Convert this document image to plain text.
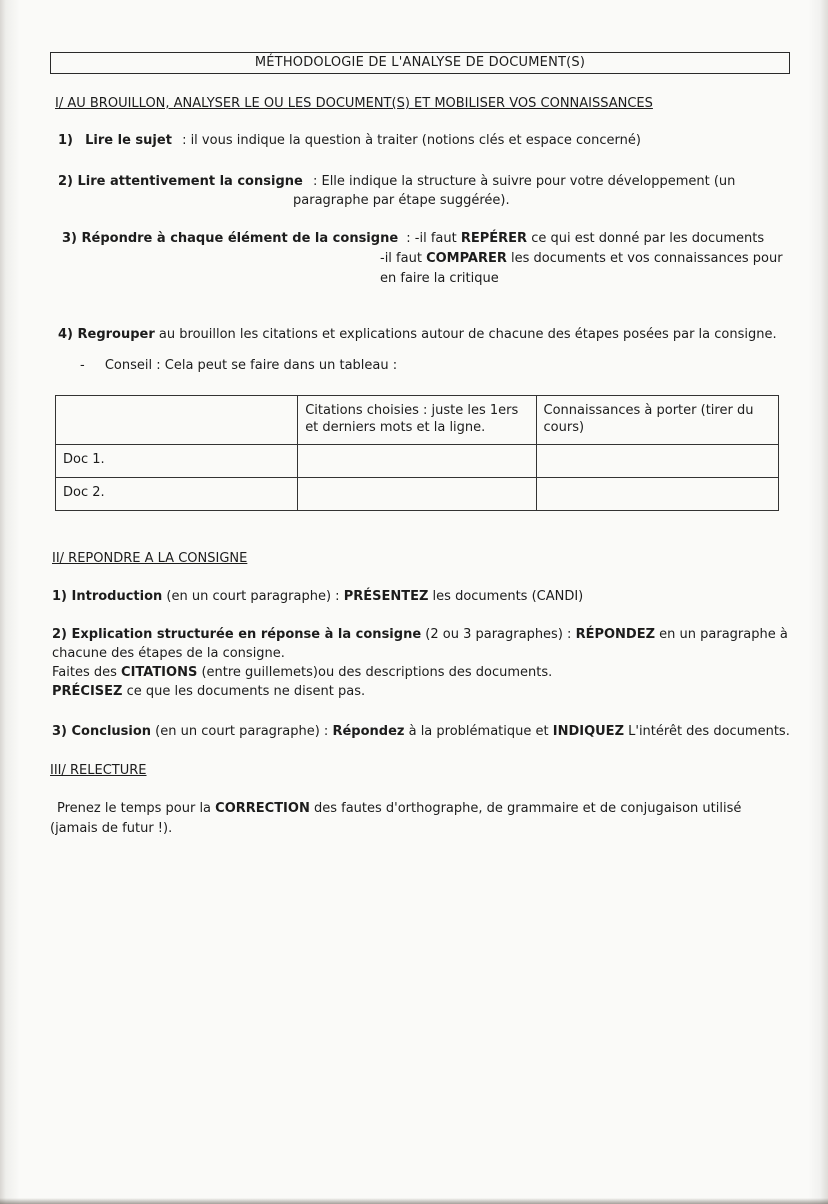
MÉTHODOLOGIE DE L'ANALYSE DE DOCUMENT(S)
I/ AU BROUILLON, ANALYSER LE OU LES DOCUMENT(S) ET MOBILISER VOS CONNAISSANCES
1) Lire le sujet : il vous indique la question à traiter (notions clés et espace concerné)
2) Lire attentivement la consigne : Elle indique la structure à suivre pour votre développement (un
paragraphe par étape suggérée).
3) Répondre à chaque élément de la consigne : -il faut REPÉRER ce qui est donné par les documents
-il faut COMPARER les documents et vos connaissances pour
en faire la critique
4) Regrouper au brouillon les citations et explications autour de chacune des étapes posées par la consigne.
- Conseil : Cela peut se faire dans un tableau :
	Citations choisies : juste les 1ers et derniers mots et la ligne.	Connaissances à porter (tirer du cours)
Doc 1.		
Doc 2.		
II/ REPONDRE A LA CONSIGNE
1) Introduction (en un court paragraphe) : PRÉSENTEZ les documents (CANDI)
2) Explication structurée en réponse à la consigne (2 ou 3 paragraphes) : RÉPONDEZ en un paragraphe à
chacune des étapes de la consigne.
Faites des CITATIONS (entre guillemets)ou des descriptions des documents.
PRÉCISEZ ce que les documents ne disent pas.
3) Conclusion (en un court paragraphe) : Répondez à la problématique et INDIQUEZ L'intérêt des documents.
III/ RELECTURE
Prenez le temps pour la CORRECTION des fautes d'orthographe, de grammaire et de conjugaison utilisé
(jamais de futur !).
